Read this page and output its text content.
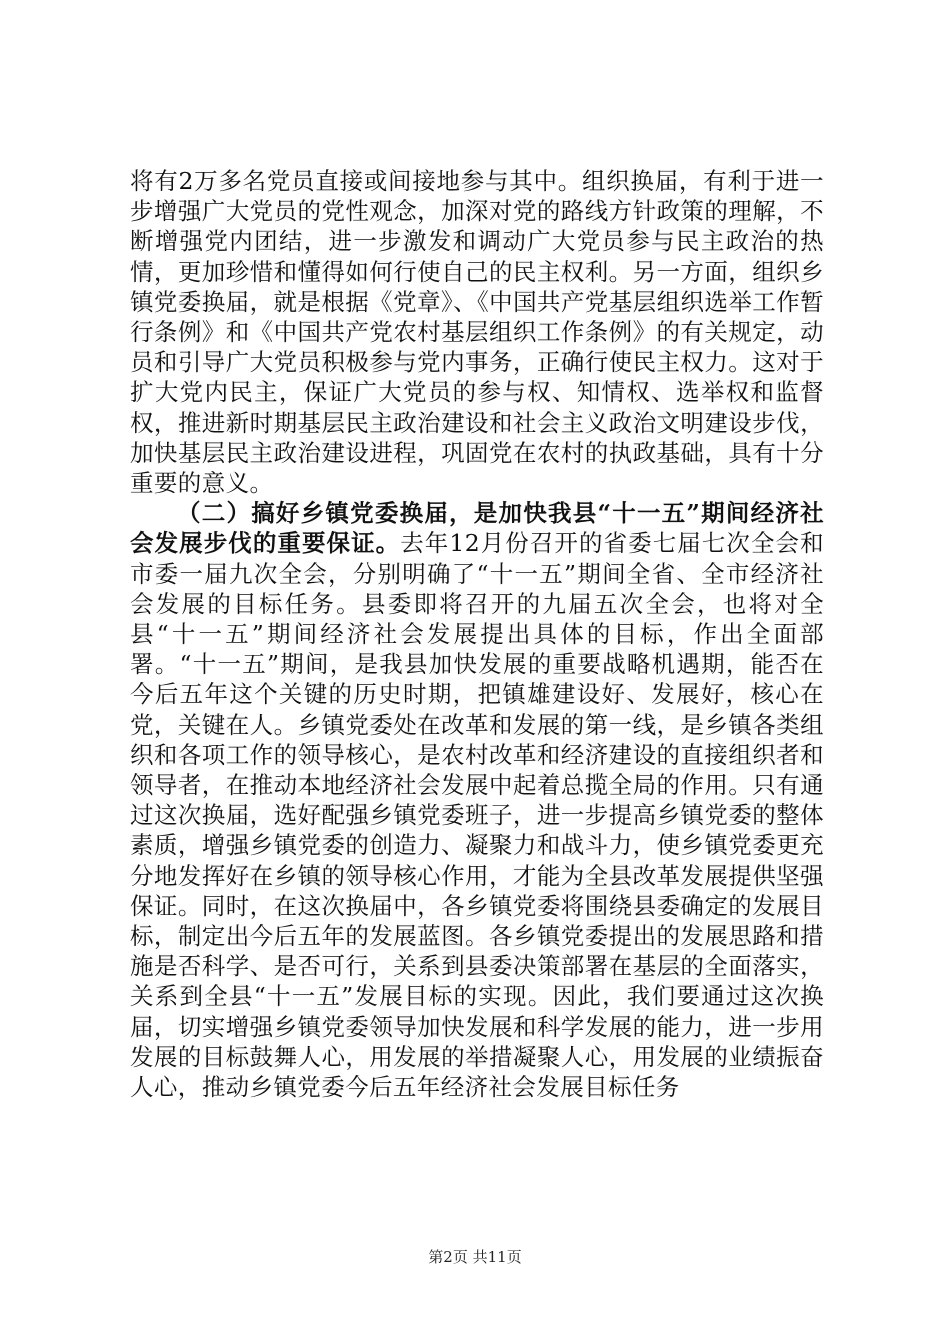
将有2万多名党员直接或间接地参与其中。组织换届，有利于进一步增强广大党员的党性观念，加深对党的路线方针政策的理解，不断增强党内团结，进一步激发和调动广大党员参与民主政治的热情，更加珍惜和懂得如何行使自己的民主权利。另一方面，组织乡镇党委换届，就是根据《党章》、《中国共产党基层组织选举工作暂行条例》和《中国共产党农村基层组织工作条例》的有关规定，动员和引导广大党员积极参与党内事务，正确行使民主权力。这对于扩大党内民主，保证广大党员的参与权、知情权、选举权和监督权，推进新时期基层民主政治建设和社会主义政治文明建设步伐，加快基层民主政治建设进程，巩固党在农村的执政基础，具有十分重要的意义。

（二）搞好乡镇党委换届，是加快我县“十一五”期间经济社会发展步伐的重要保证。去年12月份召开的省委七届七次全会和市委一届九次全会，分别明确了“十一五”期间全省、全市经济社会发展的目标任务。县委即将召开的九届五次全会，也将对全县“十一五”期间经济社会发展提出具体的目标，作出全面部署。“十一五”期间，是我县加快发展的重要战略机遇期，能否在今后五年这个关键的历史时期，把镇雄建设好、发展好，核心在党，关键在人。乡镇党委处在改革和发展的第一线，是乡镇各类组织和各项工作的领导核心，是农村改革和经济建设的直接组织者和领导者，在推动本地经济社会发展中起着总揽全局的作用。只有通过这次换届，选好配强乡镇党委班子，进一步提高乡镇党委的整体素质，增强乡镇党委的创造力、凝聚力和战斗力，使乡镇党委更充分地发挥好在乡镇的领导核心作用，才能为全县改革发展提供坚强保证。同时，在这次换届中，各乡镇党委将围绕县委确定的发展目标，制定出今后五年的发展蓝图。各乡镇党委提出的发展思路和措施是否科学、是否可行，关系到县委决策部署在基层的全面落实，关系到全县“十一五”发展目标的实现。因此，我们要通过这次换届，切实增强乡镇党委领导加快发展和科学发展的能力，进一步用发展的目标鼓舞人心，用发展的举措凝聚人心，用发展的业绩振奋人心，推动乡镇党委今后五年经济社会发展目标任务

第2页 共11页
